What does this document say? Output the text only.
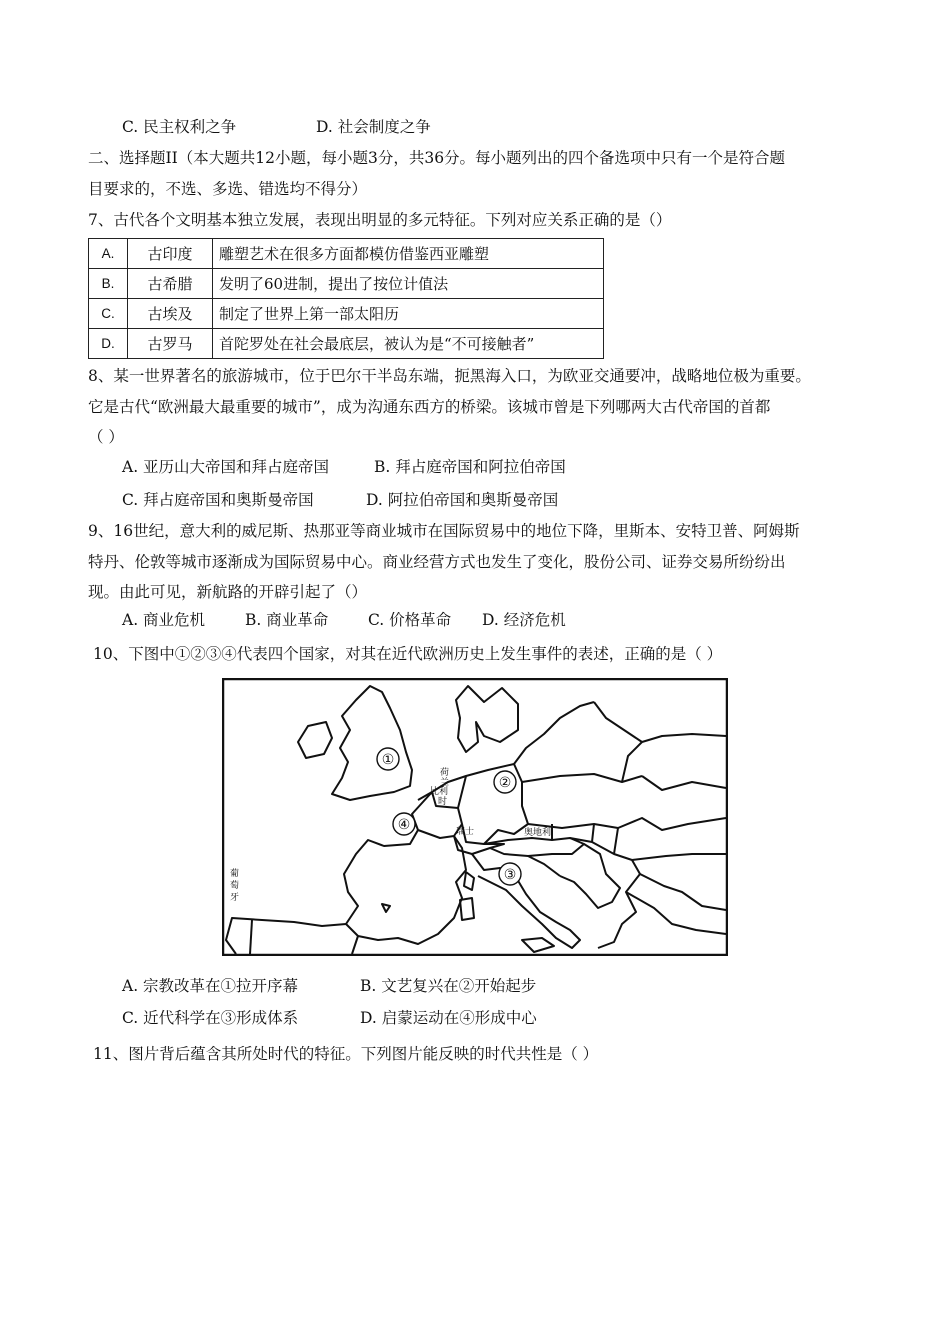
C. 民主权利之争	D. 社会制度之争
二、选择题II（本大题共12小题，每小题3分，共36分。每小题列出的四个备选项中只有一个是符合题
目要求的，不选、多选、错选均不得分）
7、古代各个文明基本独立发展，表现出明显的多元特征。下列对应关系正确的是（）
A.	古印度	雕塑艺术在很多方面都模仿借鉴西亚雕塑
B.	古希腊	发明了60进制，提出了按位计值法
C.	古埃及	制定了世界上第一部太阳历
D.	古罗马	首陀罗处在社会最底层，被认为是“不可接触者”
8、某一世界著名的旅游城市，位于巴尔干半岛东端，扼黑海入口，为欧亚交通要冲，战略地位极为重要。
它是古代“欧洲最大最重要的城市”，成为沟通东西方的桥梁。该城市曾是下列哪两大古代帝国的首都
（ ）
A. 亚历山大帝国和拜占庭帝国	B. 拜占庭帝国和阿拉伯帝国
C. 拜占庭帝国和奥斯曼帝国	D. 阿拉伯帝国和奥斯曼帝国
9、16世纪，意大利的威尼斯、热那亚等商业城市在国际贸易中的地位下降，里斯本、安特卫普、阿姆斯
特丹、伦敦等城市逐渐成为国际贸易中心。商业经营方式也发生了变化，股份公司、证券交易所纷纷出
现。由此可见，新航路的开辟引起了（）
A. 商业危机	B. 商业革命	C. 价格革命 D. 经济危机
10、下图中①②③④代表四个国家，对其在近代欧洲历史上发生事件的表述，正确的是（ ）
①
②
③
④
荷
兰
比利
时
瑞士	奥地利
葡
萄
牙
A. 宗教改革在①拉开序幕	B. 文艺复兴在②开始起步
C. 近代科学在③形成体系	D. 启蒙运动在④形成中心
11、图片背后蕴含其所处时代的特征。下列图片能反映的时代共性是（ ）
